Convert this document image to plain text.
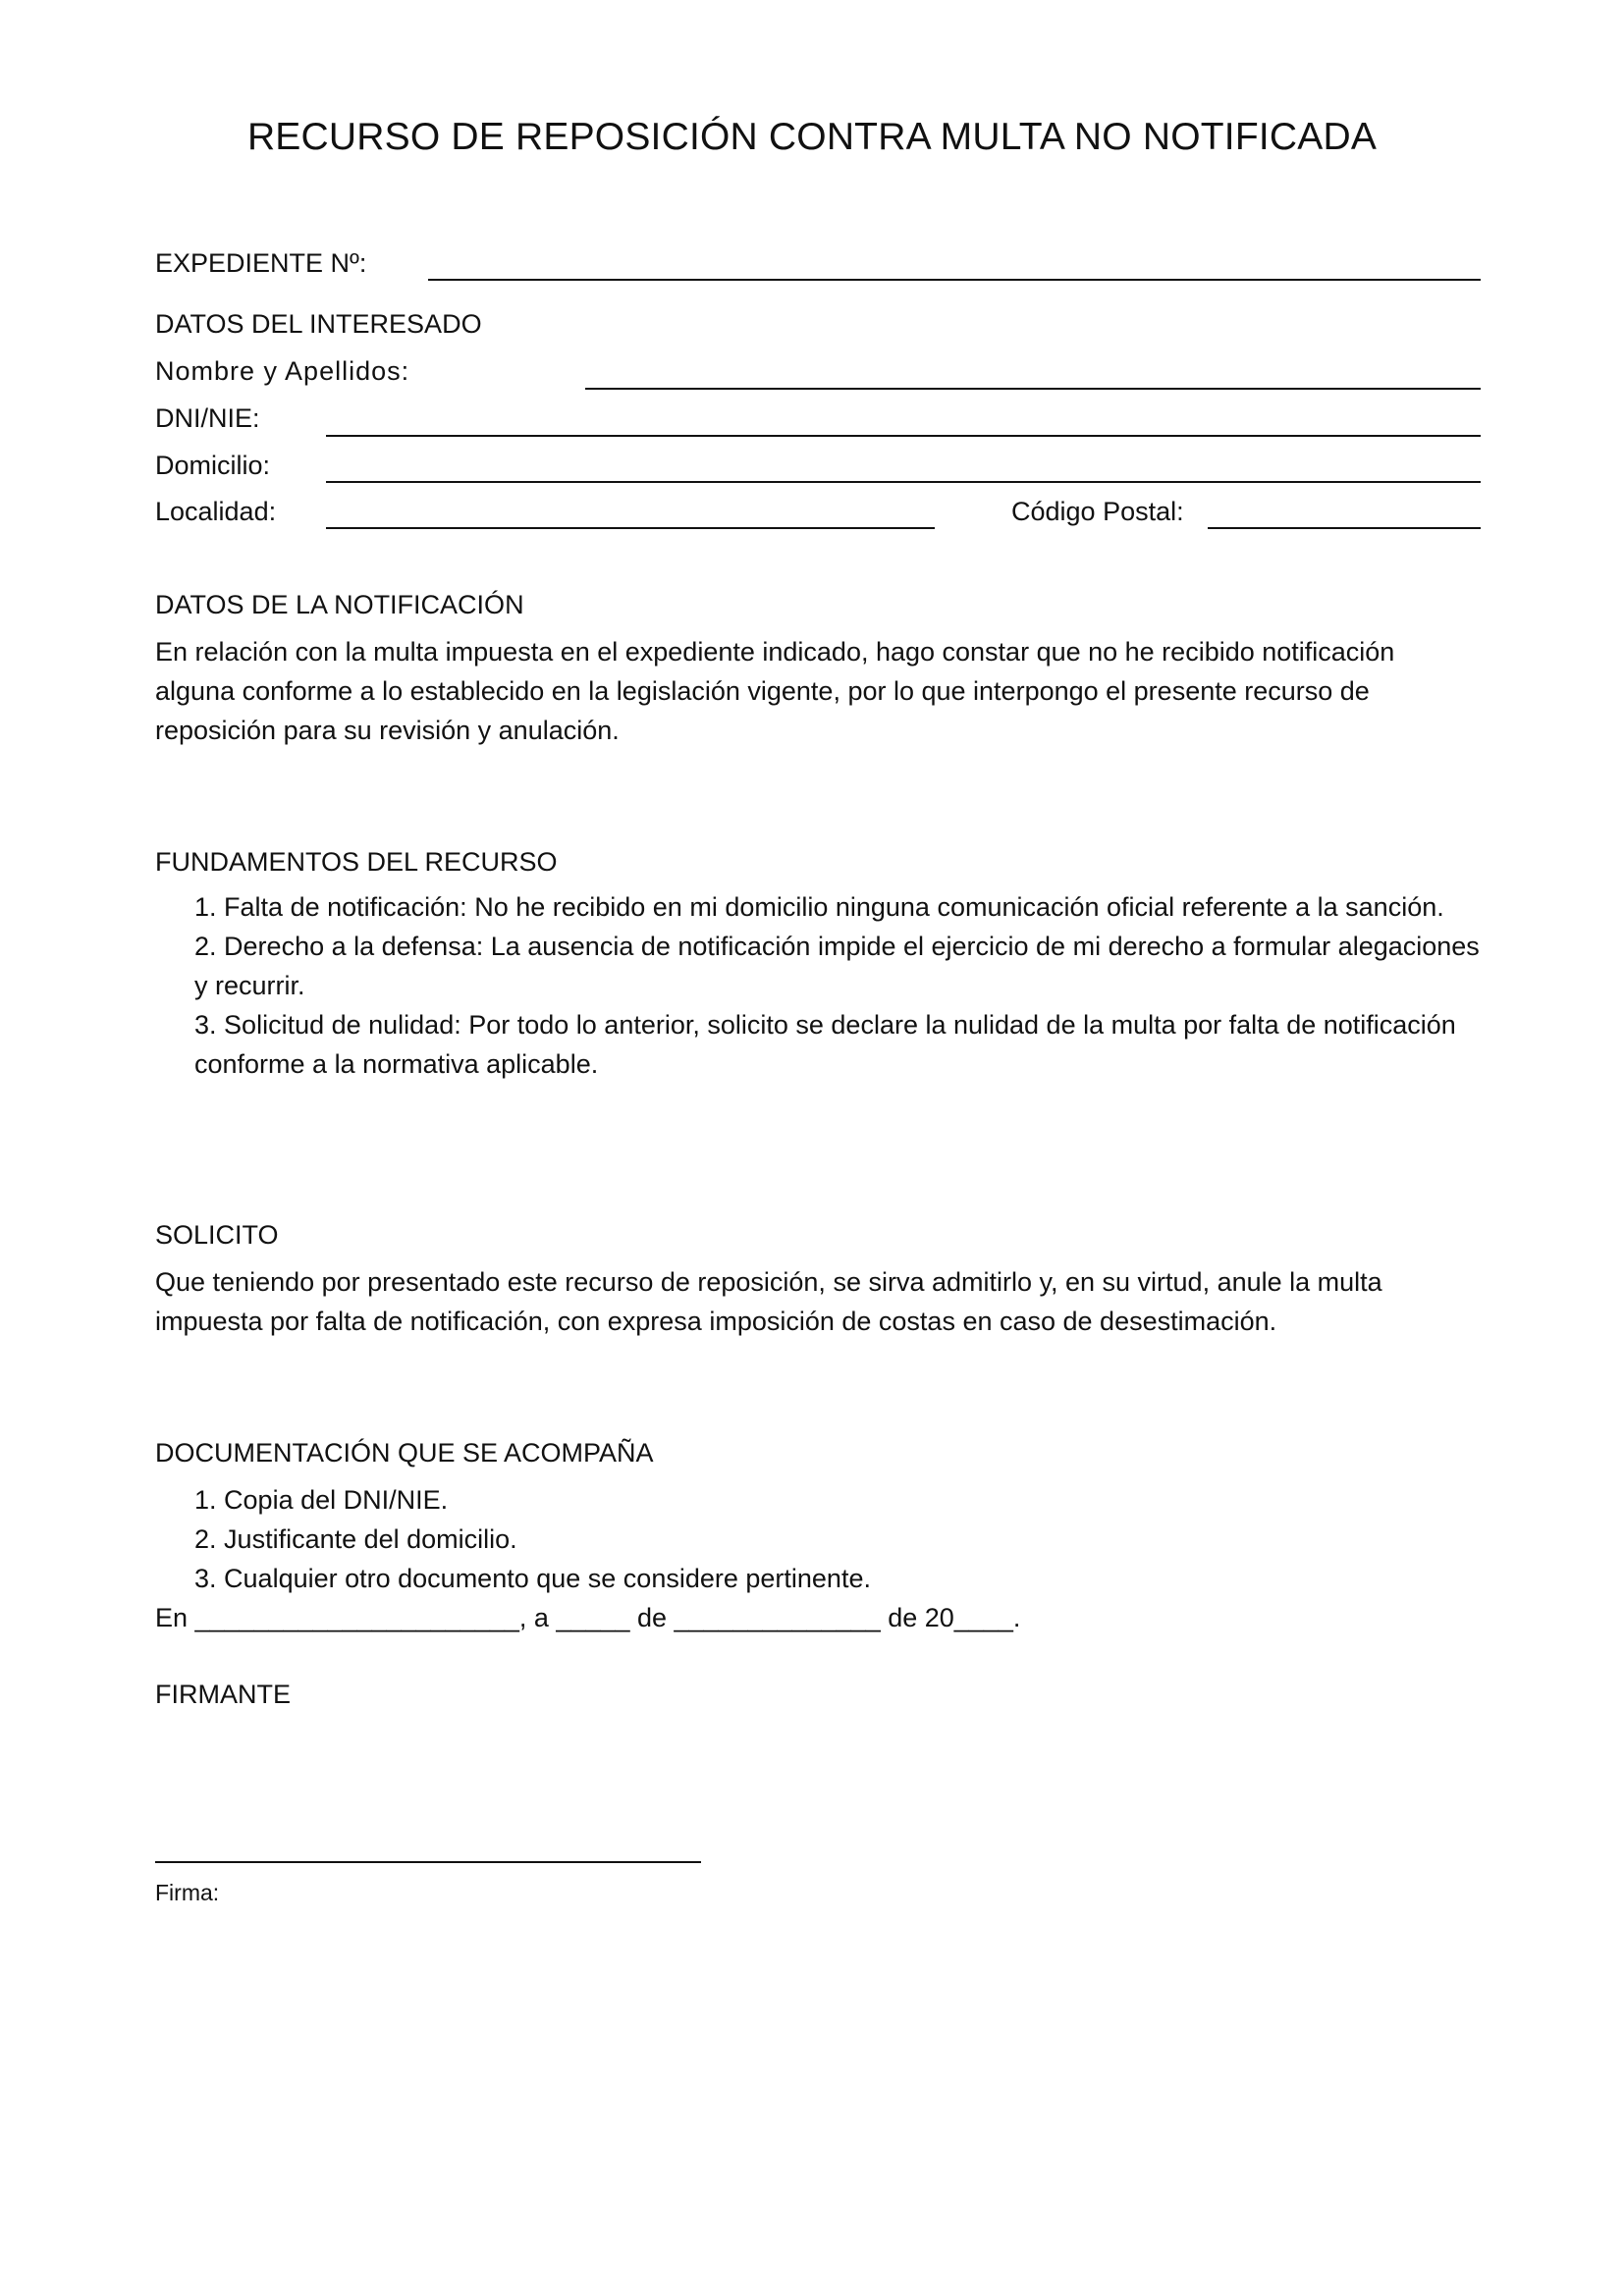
RECURSO DE REPOSICIÓN CONTRA MULTA NO NOTIFICADA
EXPEDIENTE Nº:
DATOS DEL INTERESADO
Nombre y Apellidos:
DNI/NIE:
Domicilio:
Localidad:	Código Postal:
DATOS DE LA NOTIFICACIÓN

En relación con la multa impuesta en el expediente indicado, hago constar que no he recibido notificación alguna conforme a lo establecido en la legislación vigente, por lo que interpongo el presente recurso de reposición para su revisión y anulación.

FUNDAMENTOS DEL RECURSO
1. Falta de notificación: No he recibido en mi domicilio ninguna comunicación oficial referente a la sanción.
2. Derecho a la defensa: La ausencia de notificación impide el ejercicio de mi derecho a formular alegaciones y recurrir.
3. Solicitud de nulidad: Por todo lo anterior, solicito se declare la nulidad de la multa por falta de notificación conforme a la normativa aplicable.
SOLICITO

Que teniendo por presentado este recurso de reposición, se sirva admitirlo y, en su virtud, anule la multa impuesta por falta de notificación, con expresa imposición de costas en caso de desestimación.

DOCUMENTACIÓN QUE SE ACOMPAÑA
1. Copia del DNI/NIE.
2. Justificante del domicilio.
3. Cualquier otro documento que se considere pertinente.
En ______________________, a _____ de ______________ de 20____.
FIRMANTE
Firma:
